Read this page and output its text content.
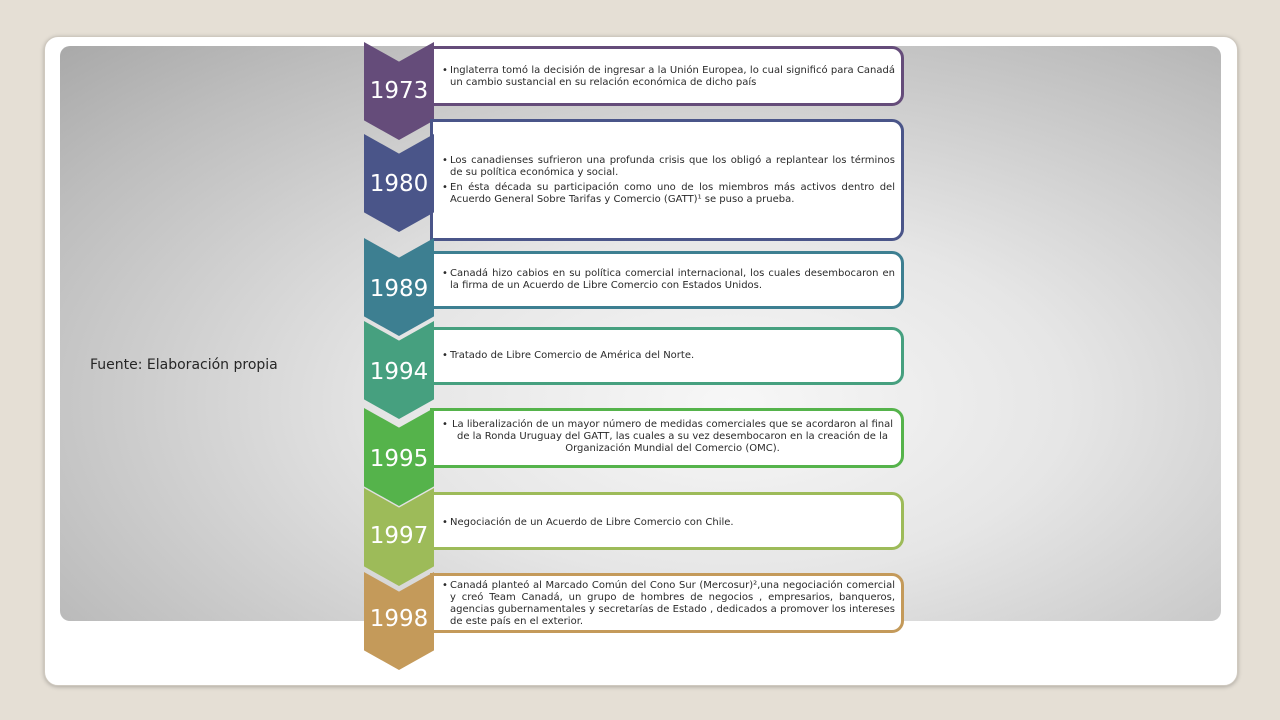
Fuente: Elaboración propia
• Inglaterra tomó la decisión de ingresar a la Unión Europea, lo cual significó para Canadá un cambio sustancial en su relación económica de dicho país
1973
• Los canadienses sufrieron una profunda crisis que los obligó a replantear los términos de su política económica y social.
• En ésta década su participación como uno de los miembros más activos dentro del Acuerdo General Sobre Tarifas y Comercio (GATT)¹ se puso a prueba.
1980
• Canadá hizo cabios en su política comercial internacional, los cuales desembocaron en la firma de un Acuerdo de Libre Comercio con Estados Unidos.
1989
• Tratado de Libre Comercio de América del Norte.
1994
• La liberalización de un mayor número de medidas comerciales que se acordaron al final de la Ronda Uruguay del GATT, las cuales a su vez desembocaron en la creación de la Organización Mundial del Comercio (OMC).
1995
• Negociación de un Acuerdo de Libre Comercio con Chile.
1997
• Canadá planteó al Marcado Común del Cono Sur (Mercosur)²,una negociación comercial y creó Team Canadá, un grupo de hombres de negocios , empresarios, banqueros, agencias gubernamentales y secretarías de Estado , dedicados a promover los intereses de este país en el exterior.
1998
